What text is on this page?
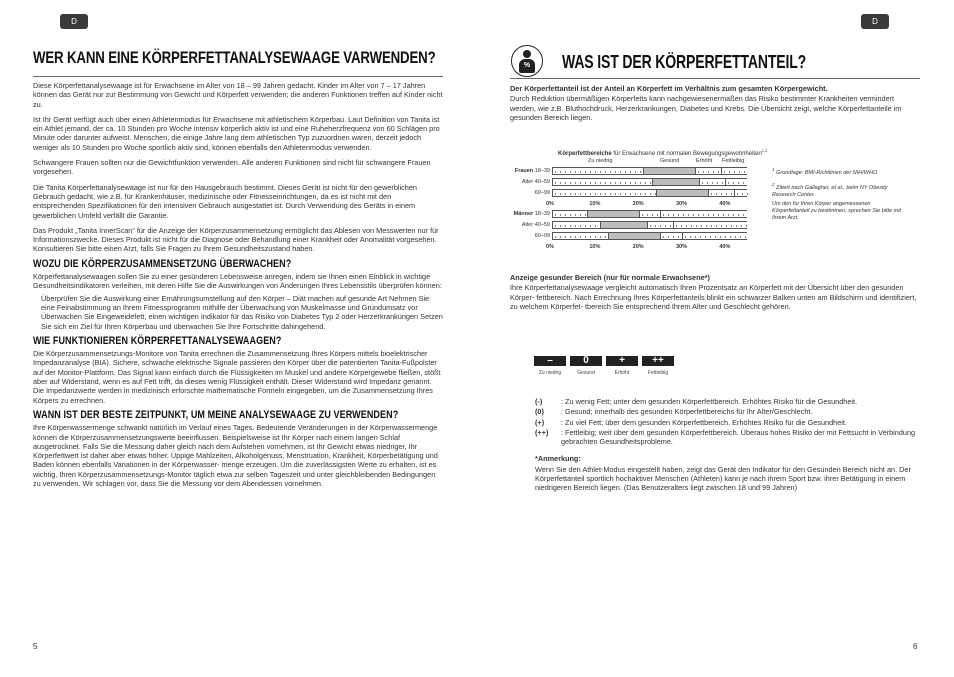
D
WER KANN EINE KÖRPERFETTANALYSEWAAGE VARWENDEN?

Diese Körperfettanalysewaage ist für Erwachsene im Alter von 18 – 99 Jahren gedacht. Kinder im Alter von 7 – 17 Jahren können das Gerät nur zur Bestimmung von Gewicht und Körperfett verwenden; die anderen Funktionen treffen auf Kinder nicht zu.

Ist Ihr Gerät verfügt auch über einen Athletenmodus für Erwachsene mit athletischem Körperbau. Laut Definition von Tanita ist ein Athlet jemand, der ca. 10 Stunden pro Woche intensiv körperlich aktiv ist und eine Ruheherzfrequenz von 60 Schlägen pro Minute oder darunter aufweist. Menschen, die einige Jahre lang dem athletischen Typ zuzuordnen waren, derzeit jedoch weniger als 10 Stunden pro Woche sportlich aktiv sind, können ebenfalls den Athletenmodus verwenden.

Schwangere Frauen sollten nur die Gewichtfunktion verwenden. Alle anderen Funktionen sind nicht für schwangere Frauen vorgesehen.

Die Tanita Körperfettanalysewaage ist nur für den Hausgebrauch bestimmt. Dieses Gerät ist nicht für den gewerblichen Gebrauch gedacht, wie z.B. für Krankenhäuser, medizinische oder Fitnesseinrichtungen, da es ist nicht mit den entsprechenden Spezifikationen für den intensiven Gebrauch ausgestattet ist. Durch Verwendung des Geräts in einem gewerblichen Umfeld verfällt die Garantie.

Das Produkt „Tanita InnerScan“ für die Anzeige der Körperzusammensetzung ermöglicht das Ablesen von Messwerten nur für Informationszwecke. Dieses Produkt ist nicht für die Diagnose oder Behandlung einer Krankheit oder Anomalität vorgesehen. Konsultieren Sie bitte einen Arzt, falls Sie Fragen zu Ihrem Gesundheitszustand haben.

WOZU DIE KÖRPERZUSAMMENSETZUNG ÜBERWACHEN?

Körperfettanalysewaagen sollen Sie zu einer gesünderen Lebensweise anregen, indem sie Ihnen einen Einblick in wichtige Gesundheitsindikatoren verleihen, mit deren Hilfe Sie die Auswirkungen von Änderungen Ihres Lebensstils überprüfen können:

Überprüfen Sie die Auswirkung einer Ernährungsumstellung auf den Körper – Diät machen auf gesunde Art Nehmen Sie eine Feinabstimmung an Ihrem Fitnessprogramm mithilfe der Überwachung von Muskelmasse und Grundumsatz vor Überwachen Sie Eingeweidefett, einen wichtigen Indikator für das Risiko von Diabetes Typ 2 oder Herzerkrankungen Setzen Sie sich ein Ziel für Ihren Körperbau und überwachen Sie Ihre Fortschritte dahingehend.

WIE FUNKTIONIEREN KÖRPERFETTANALYSEWAAGEN?

Die Körperzusammensetzungs-Monitore von Tanita errechnen die Zusammensetzung Ihres Körpers mittels bioelektrischer Impedanzanalyse (BIA). Sichere, schwache elektrische Signale passieren den Körper über die patentierten Tanita-Fußpolster auf der Monitor-Plattform. Das Signal kann einfach durch die Flüssigkeiten im Muskel und andere Körpergewebe fließen, stößt aber auf Widerstand, wenn es auf Fett trifft, da dieses wenig Flüssigkeit enthält. Dieser Widerstand wird Impedanz genannt. Die Impedanzwerte werden in medizinisch erforschte mathematische Formeln eingegeben, um die Zusammensetzung Ihres Körpers zu errechnen.

WANN IST DER BESTE ZEITPUNKT, UM MEINE ANALYSEWAAGE ZU VERWENDEN?

Ihre Körperwassermenge schwankt natürlich im Verlauf eines Tages. Bedeutende Veränderungen in der Körperwassermenge können die Körperzusammensetzungswerte beeinflussen. Beispielsweise ist Ihr Körper nach einem langen Schlaf ausgetrocknet. Falls Sie die Messung daher gleich nach dem Aufstehen vornehmen, ist Ihr Gewicht etwas niedriger, Ihr Körperfettwert ist daher aber etwas höher. Üppige Mahlzeiten, Alkoholgenuss, Menstruation, Krankheit, Körperbetätigung und Baden können ebenfalls Variationen in der Körperwasser- menge erzeugen. Um die zuverlässigsten Werte zu erhalten, ist es wichtig, Ihren Körperzusammensetzungs-Monitor täglich etwa zur selben Tageszeit und unter gleichbleibenden Bedingungen zu verwenden. Wir schlagen vor, dass Sie die Messung vor dem Abendessen vornehmen.

5
D
% WAS IST DER KÖRPERFETTANTEIL?

Der Körperfettanteil ist der Anteil an Körperfett im Verhältnis zum gesamten Körpergewicht.

Durch Reduktion übermäßigen Körperfetts kann nachgewiesenermaßen das Risiko bestimmter Krankheiten vermindert werden, wie z.B. Bluthochdruck, Herzerkrankungen, Diabetes und Krebs. Die Übersicht zeigt, welche Körperfettanteile im gesunden Bereich liegen.

Körperfettbereiche für Erwachsene mit normalen Bewegungsgewohnheiten$^{1,2}$
Zu niedrig	Gesund	Erhöht Fettleibig
Frauen 18–39
Alter 40–59
60–99
Männer 18–39
Alter 40–59
60–99
0%
0%
10%
10%
20%
20%
30%
30%
40%
40%
$^1$ Grundlage: BMI-Richtlinien der NIH/WHO.
$^2$ Zitiert nach Gallagher, et al., beim NY Obesity Research Center.
Um den für Ihren Körper angemessenen Körperfettanteil zu bestimmen, sprechen Sie bitte mit Ihrem Arzt.

Anzeige gesunder Bereich (nur für normale Erwachsene*)

Ihre Körperfettanalysewaage vergleicht automatisch Ihren Prozentsatz an Körperfett mit der Übersicht über den gesunden Körper- fettbereich. Nach Errechnung Ihres Körperfettanteils blinkt ein schwarzer Balken unten am Bildschirm und identifiziert, zu welchem Körperfet- tbereich Sie entsprechend Ihrem Alter und Geschlecht gehören.

–	0	+	++
Zu niedrig	Gesund	Erhöht	Fettleibig
(-)	: Zu wenig Fett; unter dem gesunden Körperfettbereich. Erhöhtes Risiko für die Gesundheit.
(0)	: Gesund; innerhalb des gesunden Körperfettbereichs für Ihr Alter/Geschlecht.
(+)	: Zu viel Fett; über dem gesunden Körperfettbereich. Erhöhtes Risiko für die Gesundheit.
(++)	: Fettleibig; weit über dem gesunden Körperfettbereich. Überaus hohes Risiko der mit Fettsucht in Verbindung gebrachten Gesundheitsprobleme.

*Anmerkung:

Wenn Sie den Athlet-Modus eingestellt haben, zeigt das Gerät den Indikator für den Gesunden Bereich nicht an. Der Körperfettanteil sportlich hochaktiver Menschen (Athleten) kann je nach ihrem Sport bzw. ihrer Betätigung in einem niedrigeren Bereich liegen. (Das Benutzeralters liegt zwischen 18 und 99 Jahren)

6
